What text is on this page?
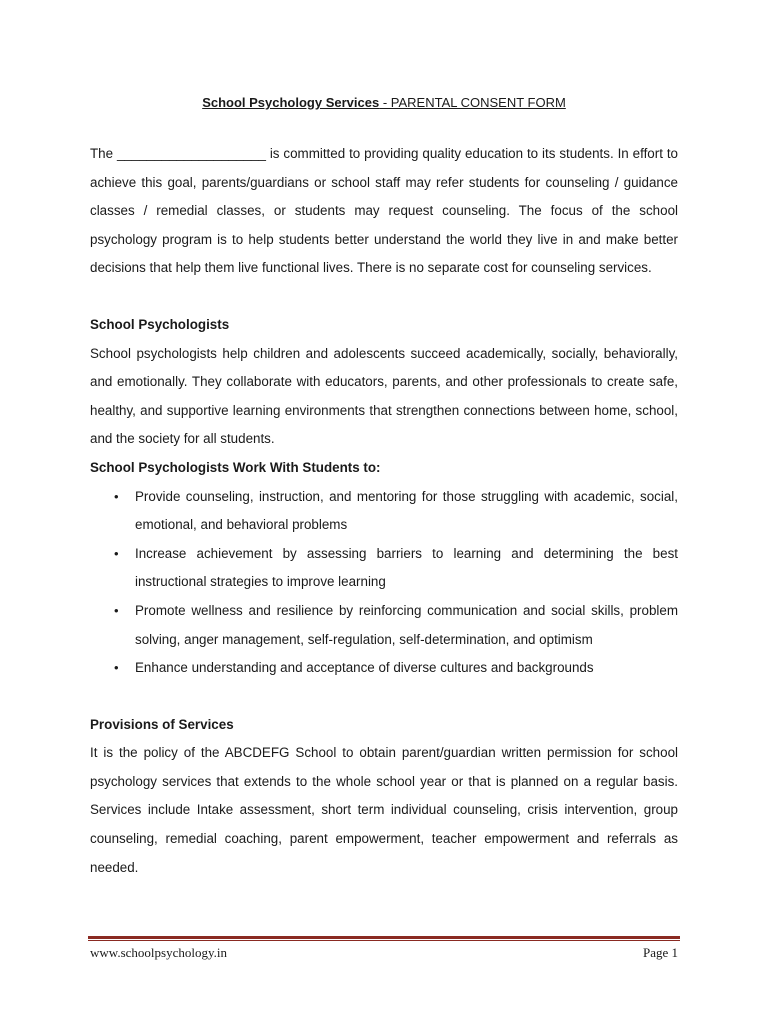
School Psychology Services - PARENTAL CONSENT FORM

The ____________________ is committed to providing quality education to its students. In effort to achieve this goal, parents/guardians or school staff may refer students for counseling / guidance classes / remedial classes, or students may request counseling. The focus of the school psychology program is to help students better understand the world they live in and make better decisions that help them live functional lives. There is no separate cost for counseling services.

School Psychologists

School psychologists help children and adolescents succeed academically, socially, behaviorally, and emotionally. They collaborate with educators, parents, and other professionals to create safe, healthy, and supportive learning environments that strengthen connections between home, school, and the society for all students.

School Psychologists Work With Students to:
• Provide counseling, instruction, and mentoring for those struggling with academic, social, emotional, and behavioral problems
• Increase achievement by assessing barriers to learning and determining the best instructional strategies to improve learning
• Promote wellness and resilience by reinforcing communication and social skills, problem solving, anger management, self-regulation, self-determination, and optimism
• Enhance understanding and acceptance of diverse cultures and backgrounds
Provisions of Services

It is the policy of the ABCDEFG School to obtain parent/guardian written permission for school psychology services that extends to the whole school year or that is planned on a regular basis. Services include Intake assessment, short term individual counseling, crisis intervention, group counseling, remedial coaching, parent empowerment, teacher empowerment and referrals as needed.

www.schoolpsychology.in	Page 1
